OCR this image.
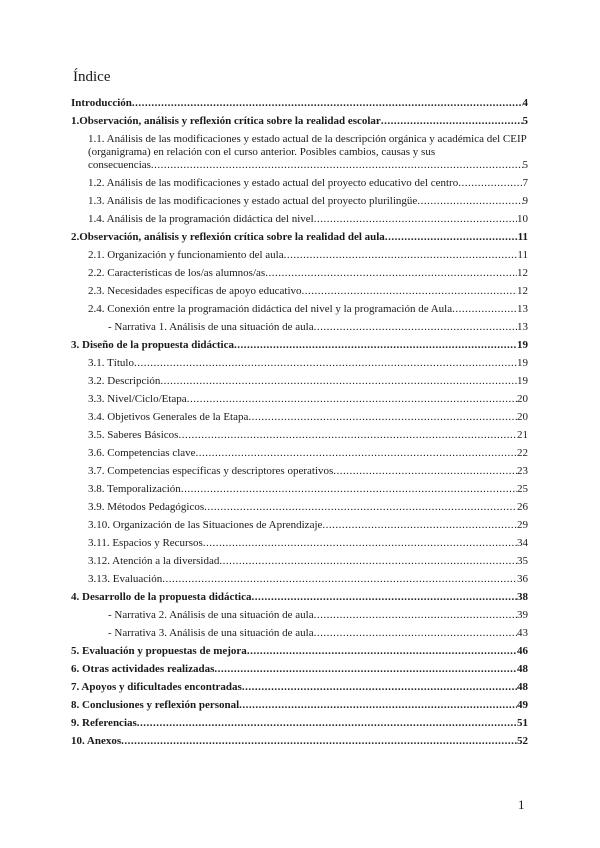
Índice
Introducción .....	4
1.Observación, análisis y reflexión crítica sobre la realidad escolar .....	5
1.1. Análisis de las modificaciones y estado actual de la descripción orgánica y académica del CEIP (organigrama) en relación con el curso anterior. Posibles cambios, causas y sus
consecuencias .....	5
1.2. Análisis de las modificaciones y estado actual del proyecto educativo del centro .....	7
1.3. Análisis de las modificaciones y estado actual del proyecto plurilingüe .....	9
1.4. Análisis de la programación didáctica del nivel .....	10
2.Observación, análisis y reflexión crítica sobre la realidad del aula .....	11
2.1. Organización y funcionamiento del aula .....	11
2.2. Características de los/as alumnos/as .....	12
2.3. Necesidades específicas de apoyo educativo .....	12
2.4. Conexión entre la programación didáctica del nivel y la programación de Aula .....	13
- Narrativa 1. Análisis de una situación de aula .....	13
3. Diseño de la propuesta didáctica .....	19
3.1. Título .....	19
3.2. Descripción .....	19
3.3. Nivel/Ciclo/Etapa .....	20
3.4. Objetivos Generales de la Etapa .....	20
3.5. Saberes Básicos .....	21
3.6. Competencias clave .....	22
3.7. Competencias específicas y descriptores operativos .....	23
3.8. Temporalización .....	25
3.9. Métodos Pedagógicos .....	26
3.10. Organización de las Situaciones de Aprendizaje .....	29
3.11. Espacios y Recursos .....	34
3.12. Atención a la diversidad .....	35
3.13. Evaluación .....	36
4. Desarrollo de la propuesta didáctica .....	38
- Narrativa 2. Análisis de una situación de aula .....	39
- Narrativa 3. Análisis de una situación de aula .....	43
5. Evaluación y propuestas de mejora .....	46
6. Otras actividades realizadas .....	48
7. Apoyos y dificultades encontradas .....	48
8. Conclusiones y reflexión personal .....	49
9. Referencias .....	51
10. Anexos .....	52
1
